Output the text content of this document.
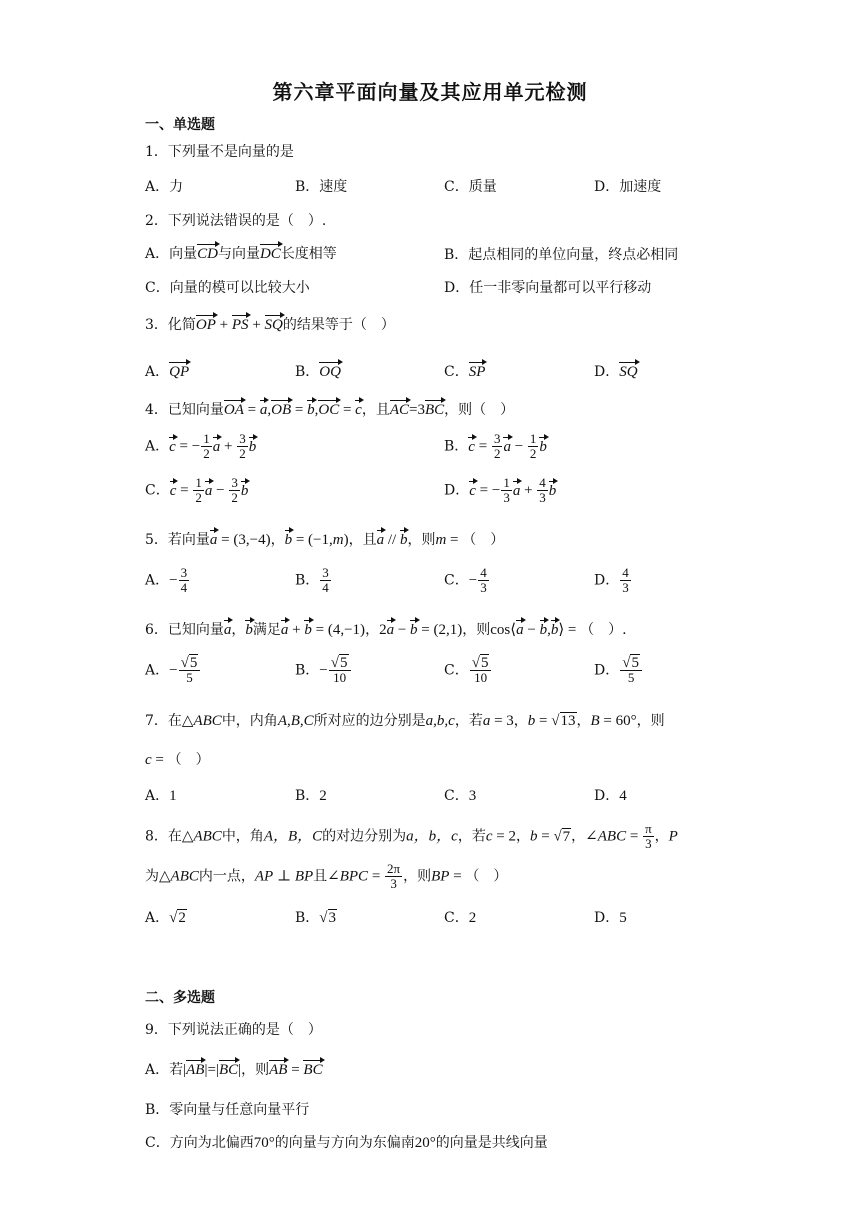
第六章平面向量及其应用单元检测
一、单选题
1．下列量不是向量的是
A．力	B．速度	C．质量	D．加速度
2．下列说法错误的是（　）.
A．向量CD与向量DC长度相等	B．起点相同的单位向量，终点必相同
C．向量的模可以比较大小	D．任一非零向量都可以平行移动
3．化简OP + PS + SQ的结果等于（　）
A．QP	B．OQ	C．SP	D．SQ
4．已知向量OA = a,OB = b,OC = c，且AC=3BC，则（　）
A．c = − $\frac{1}{2}$ $a + \frac{3}{2}$ b	B．$c = \frac{3}{2}$ $a - \frac{1}{2}$ b
C．$c = \frac{1}{2}$ $a - \frac{3}{2}$ b	D．c = − $\frac{1}{3}$ $a + \frac{4}{3}$ b
5．若向量a = (3,−4)，b = (−1,m)，且a // b，则m = （　）
A．− $\frac{3}{4}$	B． $\frac{3}{4}$	C．− $\frac{4}{3}$	D． $\frac{4}{3}$
6．已知向量a，b满足a + b = (4,−1)，2a − b = (2,1)，则cos⟨a − b,b⟩ = （　）.
A．− $\frac{√5}{5}$	B．− $\frac{√5}{10}$	C． $\frac{√5}{10}$	D． $\frac{√5}{5}$
7．在△ABC中，内角A,B,C所对应的边分别是a,b,c，若a = 3，b = √13，B = 60°，则
c = （　）
A．1	B．2	C．3	D．4
8．在△ABC中，角A，B，C的对边分别为a，b，c，若c = 2，b = √7，∠ABC = $\frac{\pi}{3}$ ，P
为△ABC内一点，AP ⊥ BP且∠BPC = $\frac{2\pi}{3}$ ，则BP = （　）
A．√2	B．√3	C．2	D．5
二、多选题
9．下列说法正确的是（　）
A．若|AB|=|BC|，则AB = BC
B．零向量与任意向量平行
C．方向为北偏西70°的向量与方向为东偏南20°的向量是共线向量
